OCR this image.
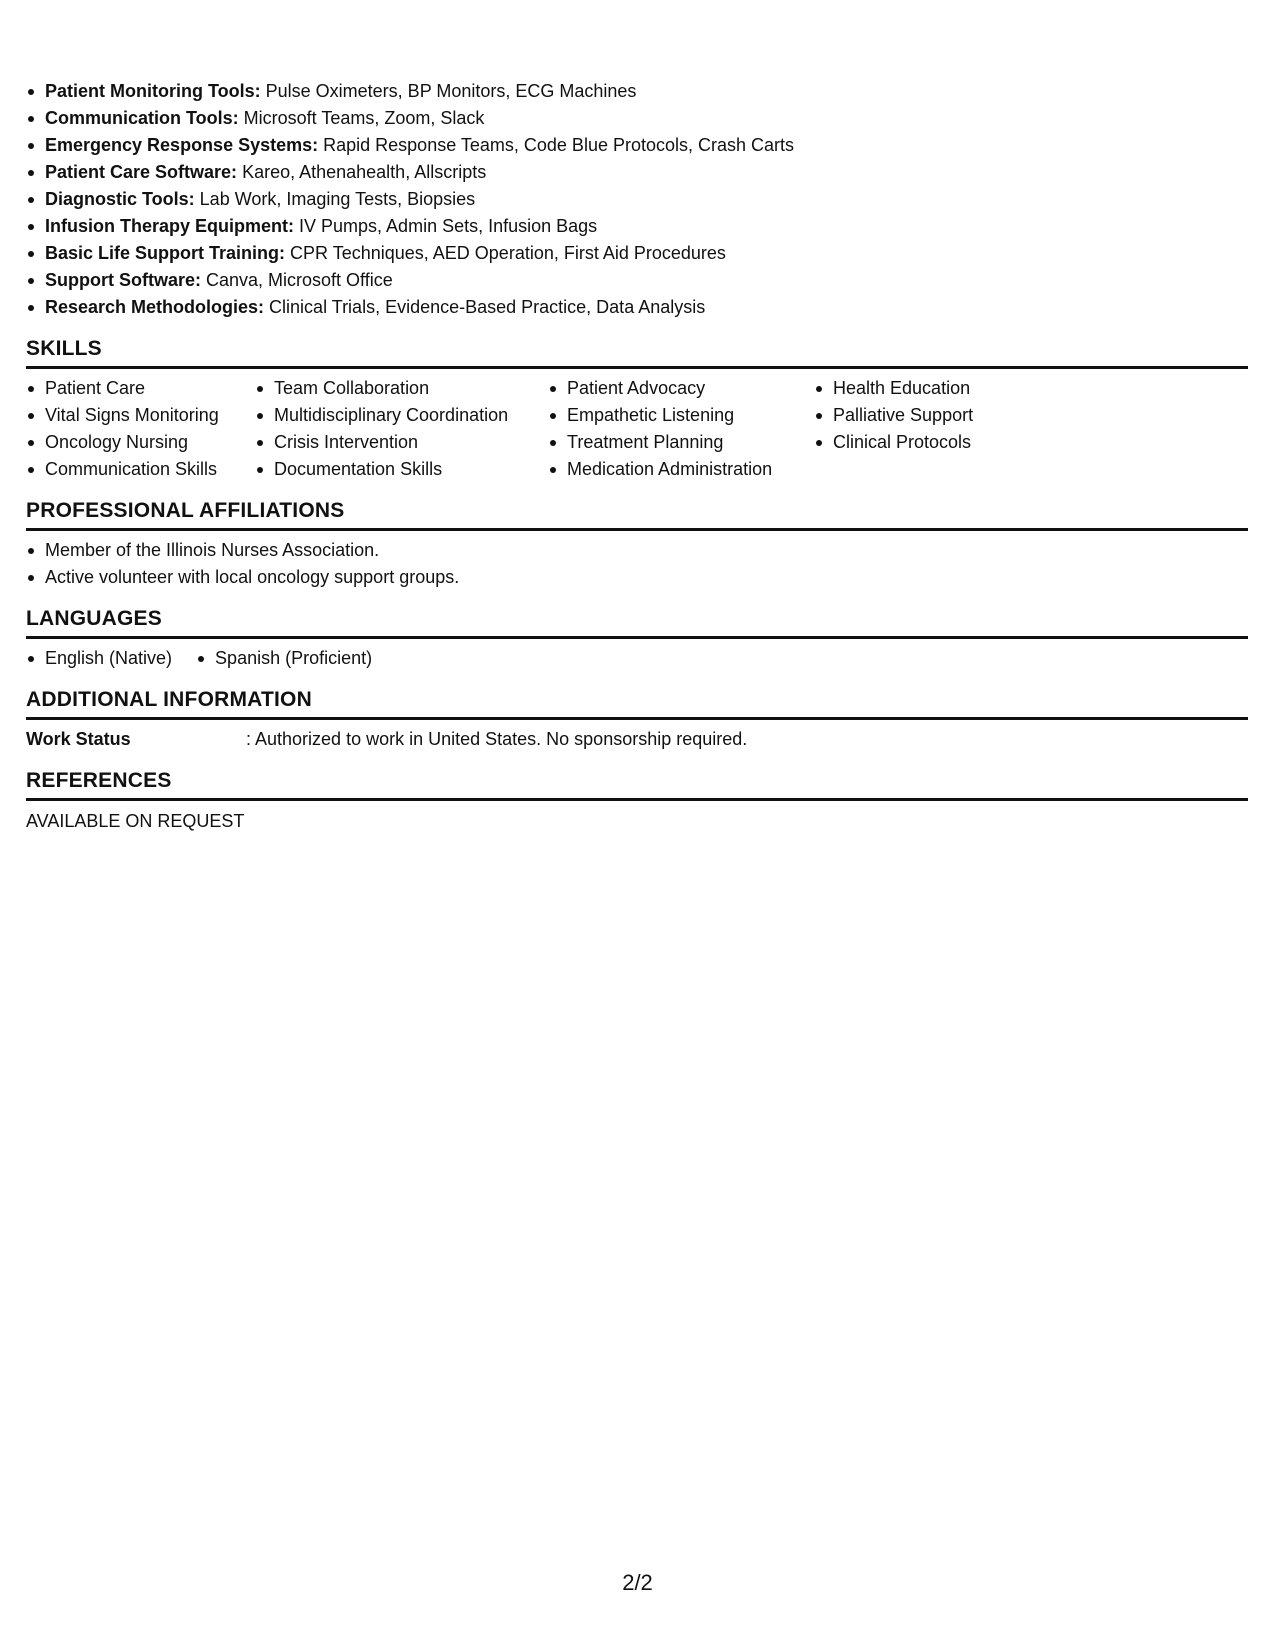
Patient Monitoring Tools: Pulse Oximeters, BP Monitors, ECG Machines
Communication Tools: Microsoft Teams, Zoom, Slack
Emergency Response Systems: Rapid Response Teams, Code Blue Protocols, Crash Carts
Patient Care Software: Kareo, Athenahealth, Allscripts
Diagnostic Tools: Lab Work, Imaging Tests, Biopsies
Infusion Therapy Equipment: IV Pumps, Admin Sets, Infusion Bags
Basic Life Support Training: CPR Techniques, AED Operation, First Aid Procedures
Support Software: Canva, Microsoft Office
Research Methodologies: Clinical Trials, Evidence-Based Practice, Data Analysis
SKILLS
Patient Care
Vital Signs Monitoring
Oncology Nursing
Communication Skills
Team Collaboration
Multidisciplinary Coordination
Crisis Intervention
Documentation Skills
Patient Advocacy
Empathetic Listening
Treatment Planning
Medication Administration
Health Education
Palliative Support
Clinical Protocols
PROFESSIONAL AFFILIATIONS
Member of the Illinois Nurses Association.
Active volunteer with local oncology support groups.
LANGUAGES
English (Native)	Spanish (Proficient)
ADDITIONAL INFORMATION
Work Status	: Authorized to work in United States. No sponsorship required.
REFERENCES
AVAILABLE ON REQUEST
2/2
